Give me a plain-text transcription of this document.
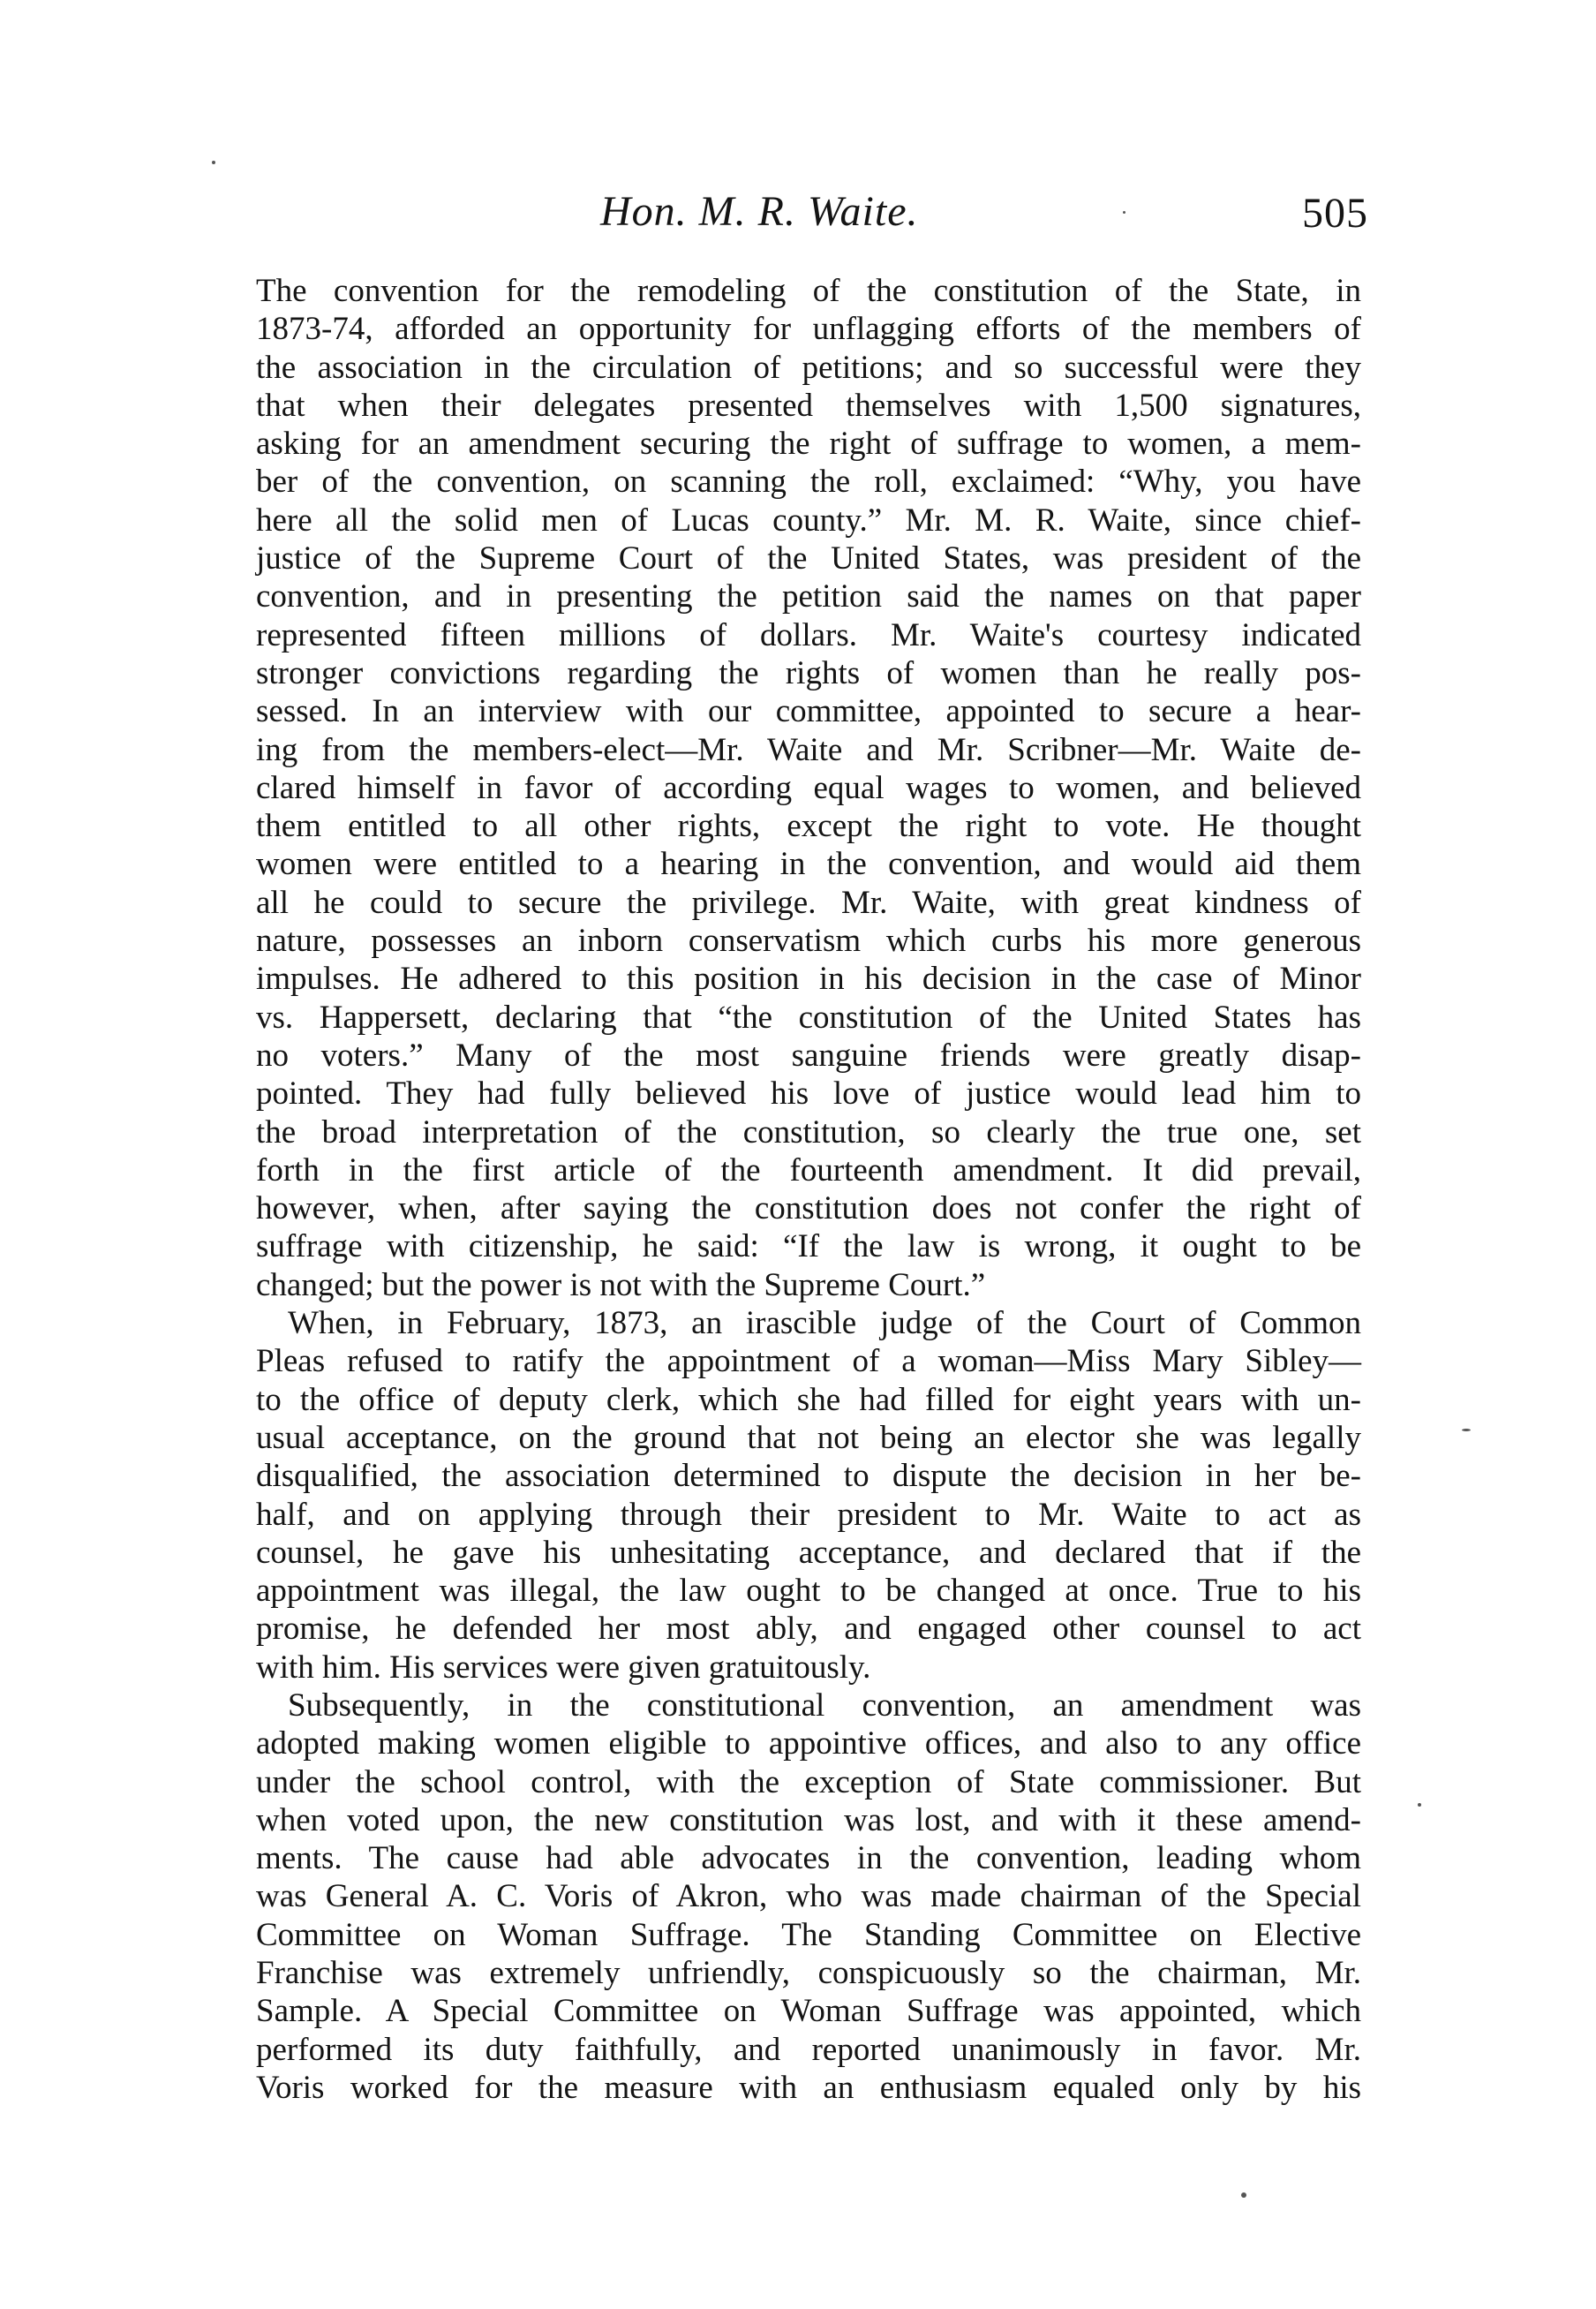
Hon. M. R. Waite.	505
The convention for the remodeling of the constitution of the State, in
1873-74, afforded an opportunity for unflagging efforts of the members of
the association in the circulation of petitions; and so successful were they
that when their delegates presented themselves with 1,500 signatures,
asking for an amendment securing the right of suffrage to women, a mem-
ber of the convention, on scanning the roll, exclaimed: “Why, you have
here all the solid men of Lucas county.” Mr. M. R. Waite, since chief-
justice of the Supreme Court of the United States, was president of the
convention, and in presenting the petition said the names on that paper
represented fifteen millions of dollars. Mr. Waite's courtesy indicated
stronger convictions regarding the rights of women than he really pos-
sessed. In an interview with our committee, appointed to secure a hear-
ing from the members-elect—Mr. Waite and Mr. Scribner—Mr. Waite de-
clared himself in favor of according equal wages to women, and believed
them entitled to all other rights, except the right to vote. He thought
women were entitled to a hearing in the convention, and would aid them
all he could to secure the privilege. Mr. Waite, with great kindness of
nature, possesses an inborn conservatism which curbs his more generous
impulses. He adhered to this position in his decision in the case of Minor
vs. Happersett, declaring that “the constitution of the United States has
no voters.” Many of the most sanguine friends were greatly disap-
pointed. They had fully believed his love of justice would lead him to
the broad interpretation of the constitution, so clearly the true one, set
forth in the first article of the fourteenth amendment. It did prevail,
however, when, after saying the constitution does not confer the right of
suffrage with citizenship, he said: “If the law is wrong, it ought to be
changed; but the power is not with the Supreme Court.”
When, in February, 1873, an irascible judge of the Court of Common
Pleas refused to ratify the appointment of a woman—Miss Mary Sibley—
to the office of deputy clerk, which she had filled for eight years with un-
usual acceptance, on the ground that not being an elector she was legally
disqualified, the association determined to dispute the decision in her be-
half, and on applying through their president to Mr. Waite to act as
counsel, he gave his unhesitating acceptance, and declared that if the
appointment was illegal, the law ought to be changed at once. True to his
promise, he defended her most ably, and engaged other counsel to act
with him. His services were given gratuitously.
Subsequently, in the constitutional convention, an amendment was
adopted making women eligible to appointive offices, and also to any office
under the school control, with the exception of State commissioner. But
when voted upon, the new constitution was lost, and with it these amend-
ments. The cause had able advocates in the convention, leading whom
was General A. C. Voris of Akron, who was made chairman of the Special
Committee on Woman Suffrage. The Standing Committee on Elective
Franchise was extremely unfriendly, conspicuously so the chairman, Mr.
Sample. A Special Committee on Woman Suffrage was appointed, which
performed its duty faithfully, and reported unanimously in favor. Mr.
Voris worked for the measure with an enthusiasm equaled only by his
